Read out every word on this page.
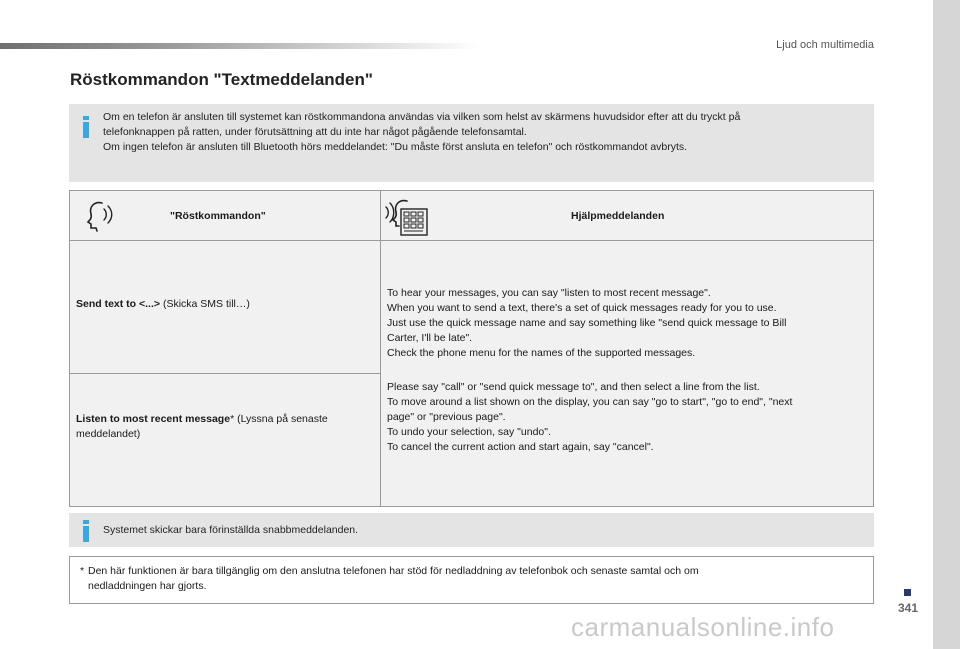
Ljud och multimedia
Röstkommandon "Textmeddelanden"

Om en telefon är ansluten till systemet kan röstkommandona användas via vilken som helst av skärmens huvudsidor efter att du tryckt på

telefonknappen på ratten, under förutsättning att du inte har något pågående telefonsamtal.

Om ingen telefon är ansluten till Bluetooth hörs meddelandet: "Du måste först ansluta en telefon" och röstkommandot avbryts.

"Röstkommandon"	Hjälpmeddelanden
Send text to <...> (Skicka SMS till…)
Listen to most recent message* (Lyssna på senaste meddelandet)
To hear your messages, you can say "listen to most recent message".
When you want to send a text, there's a set of quick messages ready for you to use.
Just use the quick message name and say something like "send quick message to Bill
Carter, I'll be late".
Check the phone menu for the names of the supported messages.
Please say "call" or "send quick message to", and then select a line from the list.
To move around a list shown on the display, you can say "go to start", "go to end", "next
page" or "previous page".
To undo your selection, say "undo".
To cancel the current action and start again, say "cancel".

Systemet skickar bara förinställda snabbmeddelanden.

* Den här funktionen är bara tillgänglig om den anslutna telefonen har stöd för nedladdning av telefonbok och senaste samtal och om
nedladdningen har gjorts.
341
carmanualsonline.info
